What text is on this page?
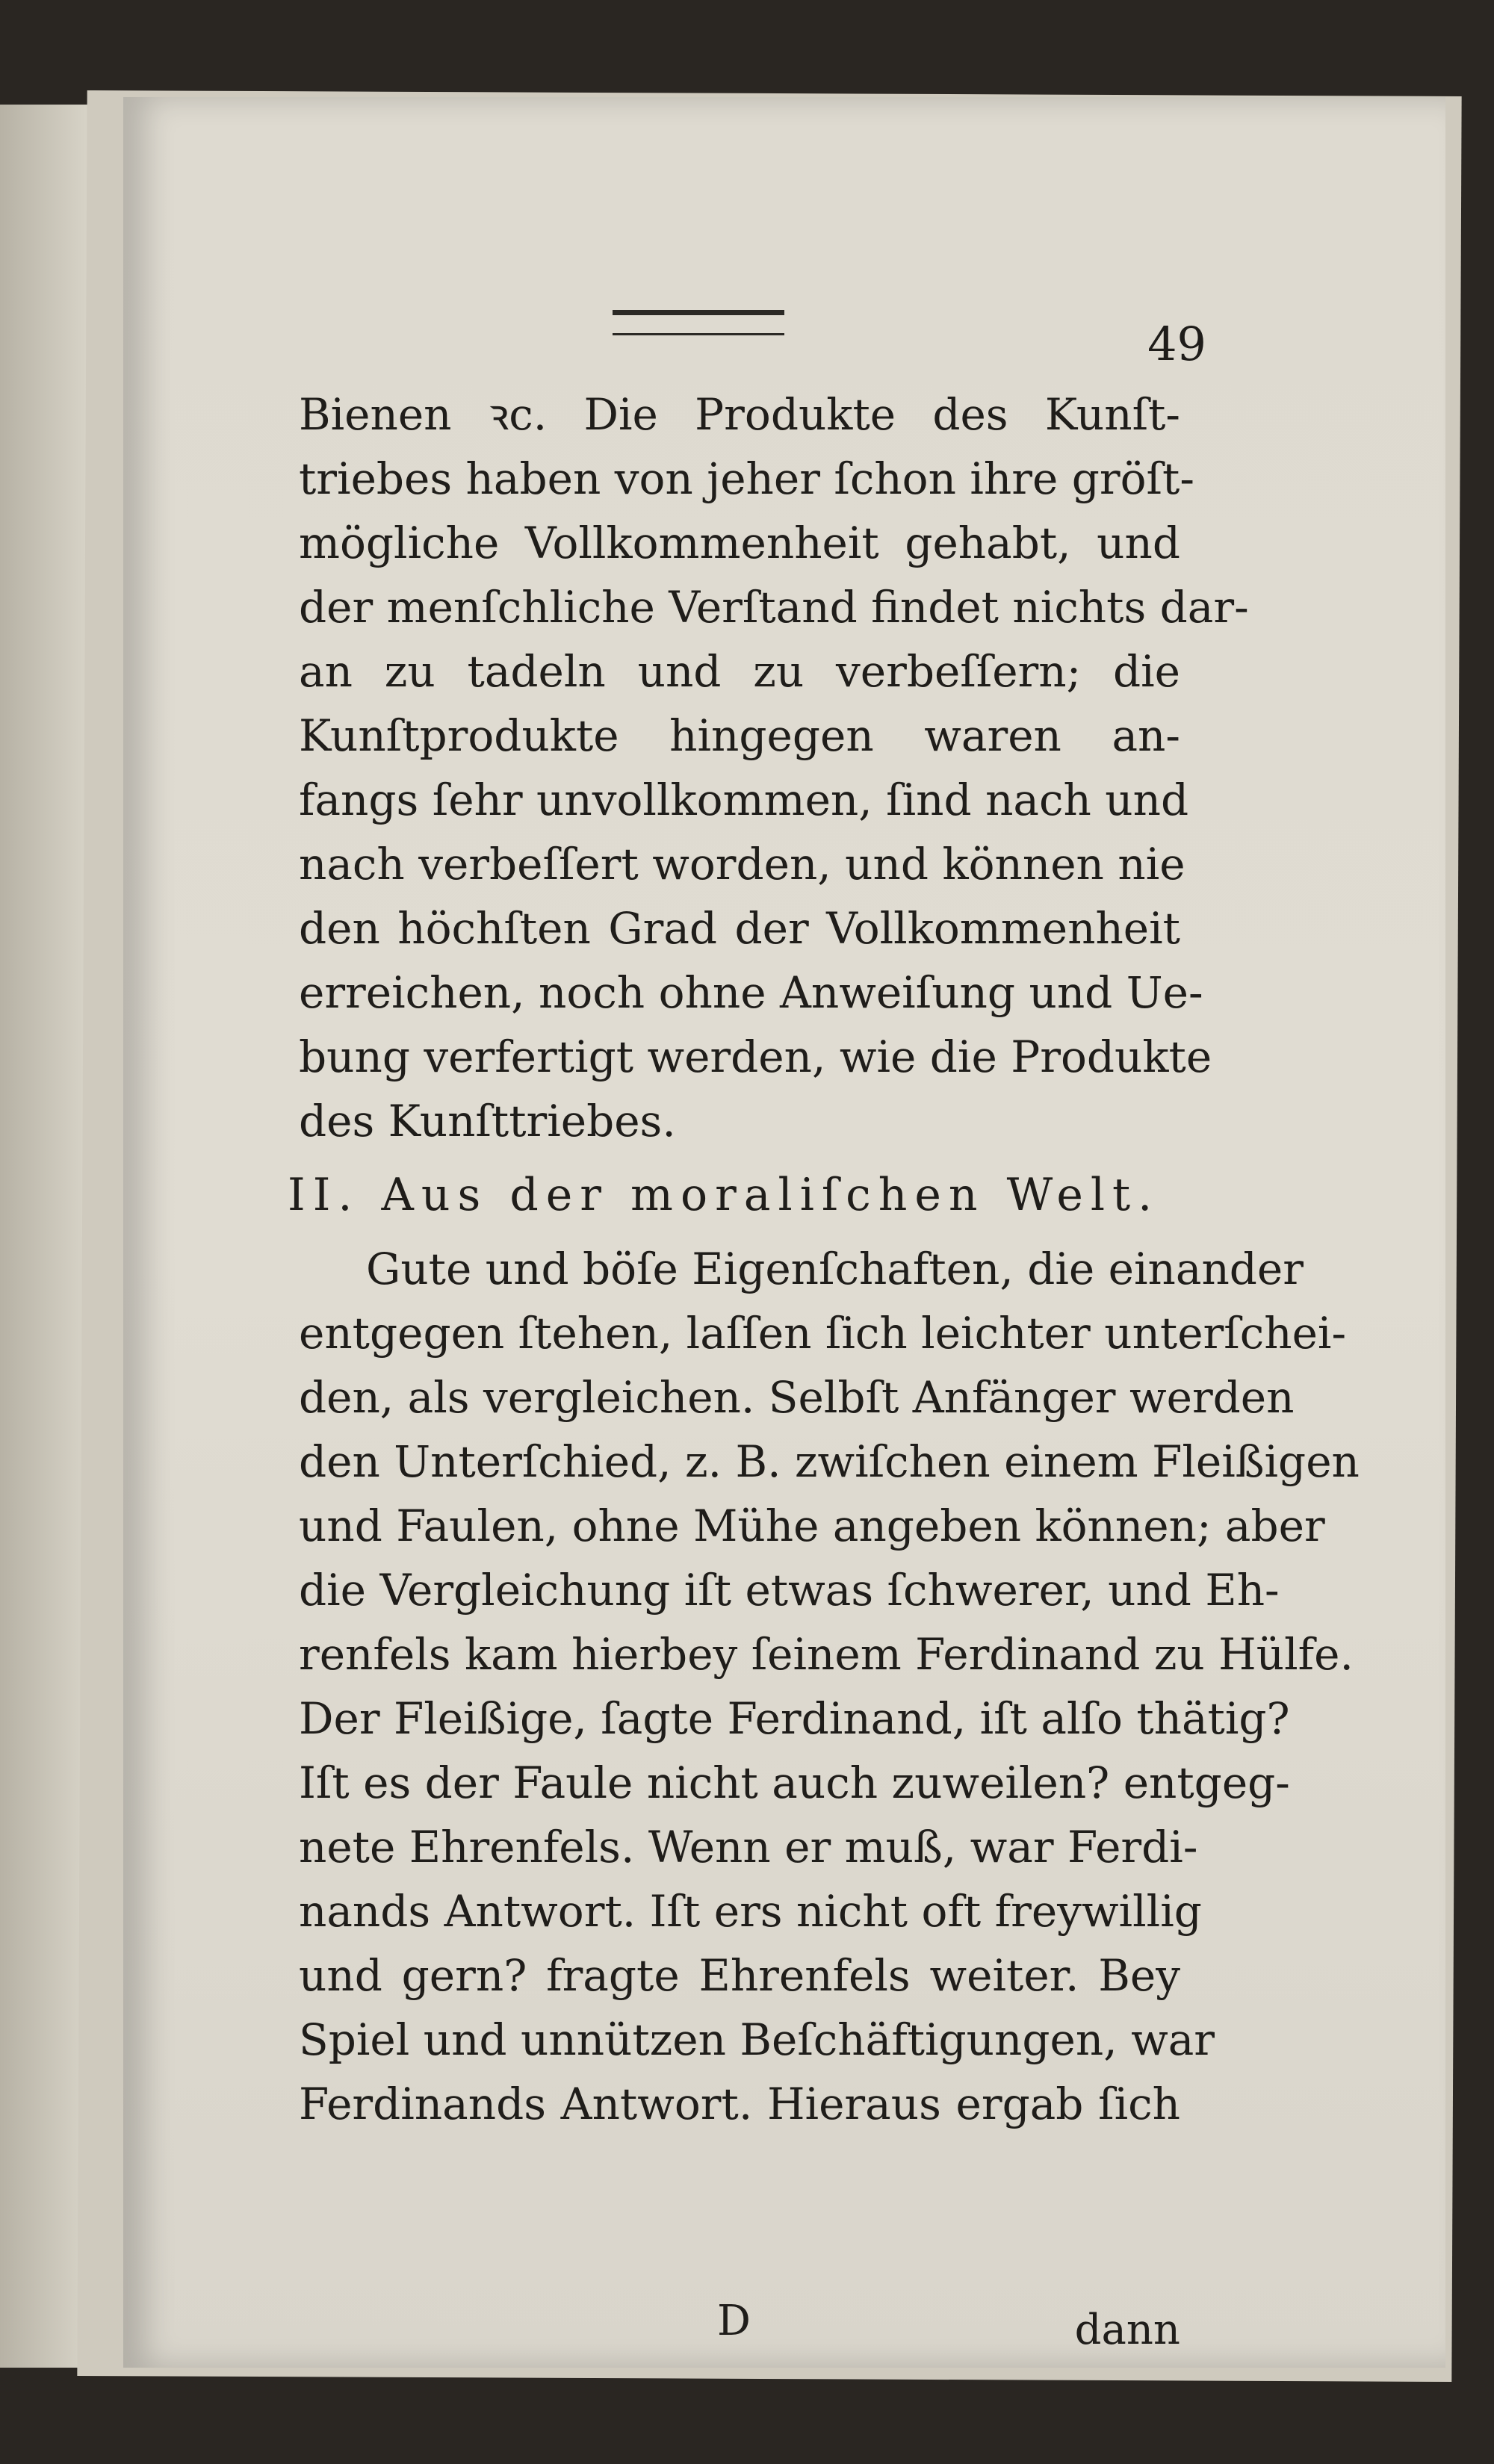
49
Bienen ꝛc. Die Produkte des Kunſt-
triebes haben von jeher ſchon ihre gröſt-
mögliche Vollkommenheit gehabt, und
der menſchliche Verſtand findet nichts dar-
an zu tadeln und zu verbeſſern; die
Kunſtprodukte hingegen waren an-
fangs ſehr unvollkommen, ſind nach und
nach verbeſſert worden, und können nie
den höchſten Grad der Vollkommenheit
erreichen, noch ohne Anweiſung und Ue-
bung verfertigt werden, wie die Produkte
des Kunſttriebes.
II. Aus der moraliſchen Welt.
Gute und böſe Eigenſchaften, die einander
entgegen ſtehen, laſſen ſich leichter unterſchei-
den, als vergleichen. Selbſt Anfänger werden
den Unterſchied, z. B. zwiſchen einem Fleißigen
und Faulen, ohne Mühe angeben können; aber
die Vergleichung iſt etwas ſchwerer, und Eh-
renfels kam hierbey ſeinem Ferdinand zu Hülfe.
Der Fleißige, ſagte Ferdinand, iſt alſo thätig?
Iſt es der Faule nicht auch zuweilen? entgeg-
nete Ehrenfels. Wenn er muß, war Ferdi-
nands Antwort. Iſt ers nicht oft freywillig
und gern? fragte Ehrenfels weiter. Bey
Spiel und unnützen Beſchäftigungen, war
Ferdinands Antwort. Hieraus ergab ſich
D	dann
